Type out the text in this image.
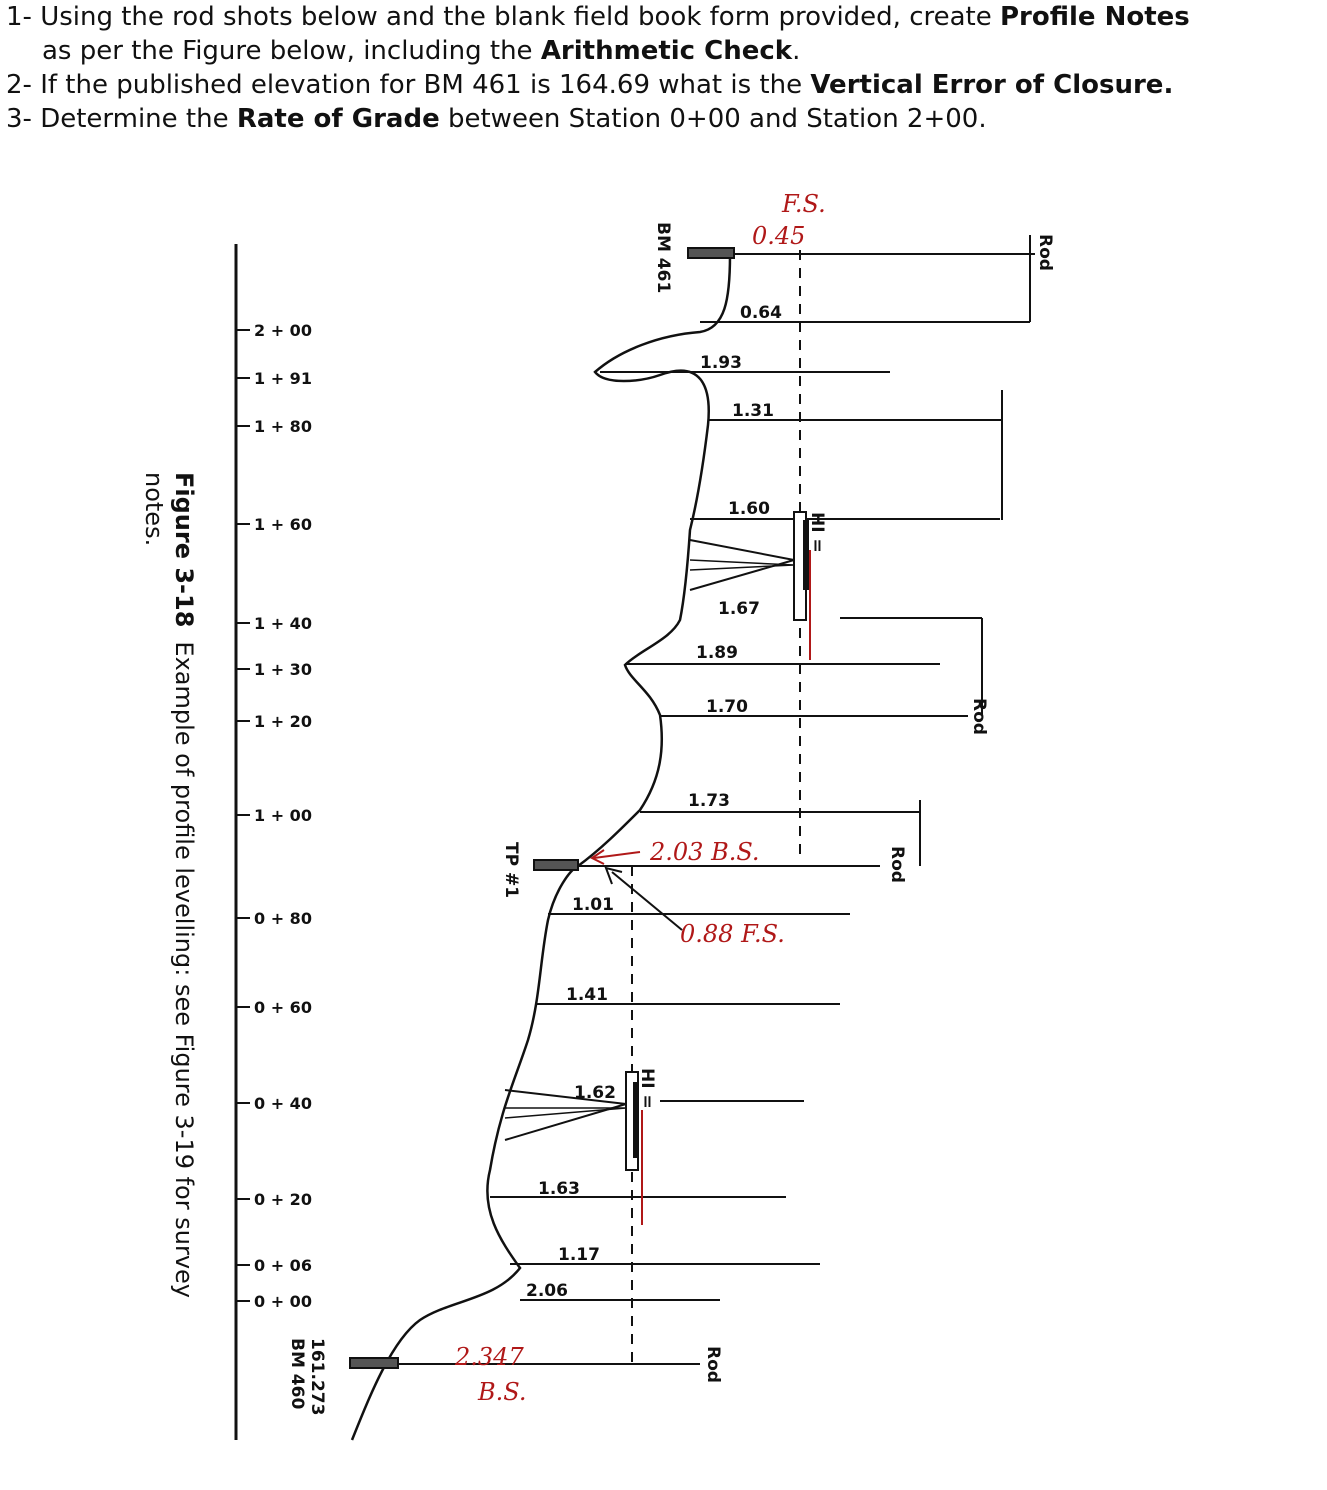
1- Using the rod shots below and the blank field book form provided, create Profile Notes

as per the Figure below, including the Arithmetic Check.

2- If the published elevation for BM 461 is 164.69 what is the Vertical Error of Closure.

3- Determine the Rate of Grade between Station 0+00 and Station 2+00.

2 + 00
1 + 91
1 + 80
1 + 60
1 + 40
1 + 30
1 + 20
1 + 00
0 + 80
0 + 60
0 + 40
0 + 20
0 + 06
0 + 00
0.64
1.93
1.31
1.60
1.67
1.89
1.70
1.73
1.01
1.41
1.62
1.63
1.17
2.06
BM 461
TP #1
BM 460 161.273
HI =
HI =
Rod
Rod
Rod
Rod
F.S.
0.45
2.03 B.S.
0.88 F.S.
2.347
B.S.
Figure 3-18Example of profile levelling: see Figure 3-19 for survey
notes.
